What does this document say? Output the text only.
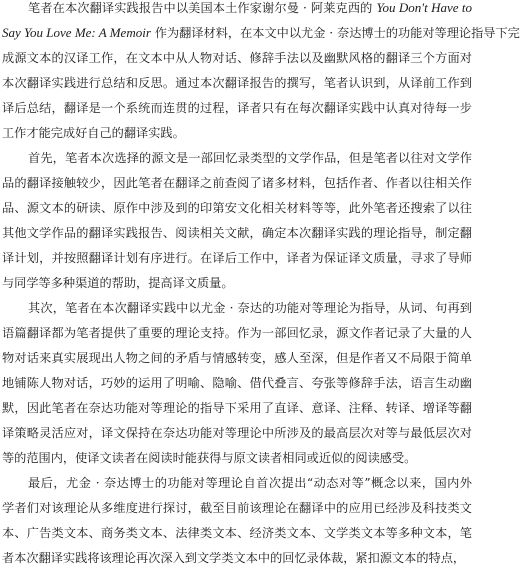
笔者在本次翻译实践报告中以美国本土作家谢尔曼 · 阿莱克西的 You Don't Have to
Say You Love Me: A Memoir 作为翻译材料，在本文中以尤金 · 奈达博士的功能对等理论指导下完
成源文本的汉译工作，在文本中从人物对话、修辞手法以及幽默风格的翻译三个方面对
本次翻译实践进行总结和反思。通过本次翻译报告的撰写，笔者认识到，从译前工作到
译后总结，翻译是一个系统而连贯的过程，译者只有在每次翻译实践中认真对待每一步
工作才能完成好自己的翻译实践。
首先，笔者本次选择的源文是一部回忆录类型的文学作品，但是笔者以往对文学作
品的翻译接触较少，因此笔者在翻译之前查阅了诸多材料，包括作者、作者以往相关作
品、源文本的研读、原作中涉及到的印第安文化相关材料等等，此外笔者还搜索了以往
其他文学作品的翻译实践报告、阅读相关文献，确定本次翻译实践的理论指导，制定翻
译计划，并按照翻译计划有序进行。在译后工作中，译者为保证译文质量，寻求了导师
与同学等多种渠道的帮助，提高译文质量。
其次，笔者在本次翻译实践中以尤金 · 奈达的功能对等理论为指导，从词、句再到
语篇翻译都为笔者提供了重要的理论支持。作为一部回忆录，源文作者记录了大量的人
物对话来真实展现出人物之间的矛盾与情感转变，感人至深，但是作者又不局限于简单
地铺陈人物对话，巧妙的运用了明喻、隐喻、借代叠言、夸张等修辞手法，语言生动幽
默，因此笔者在奈达功能对等理论的指导下采用了直译、意译、注释、转译、增译等翻
译策略灵活应对，译文保持在奈达功能对等理论中所涉及的最高层次对等与最低层次对
等的范围内，使译文读者在阅读时能获得与原文读者相同或近似的阅读感受。
最后，尤金 · 奈达博士的功能对等理论自首次提出“动态对等”概念以来，国内外
学者们对该理论从多维度进行探讨，截至目前该理论在翻译中的应用已经涉及科技类文
本、广告类文本、商务类文本、法律类文本、经济类文本、文学类文本等多种文本，笔
者本次翻译实践将该理论再次深入到文学类文本中的回忆录体裁，紧扣源文本的特点，
